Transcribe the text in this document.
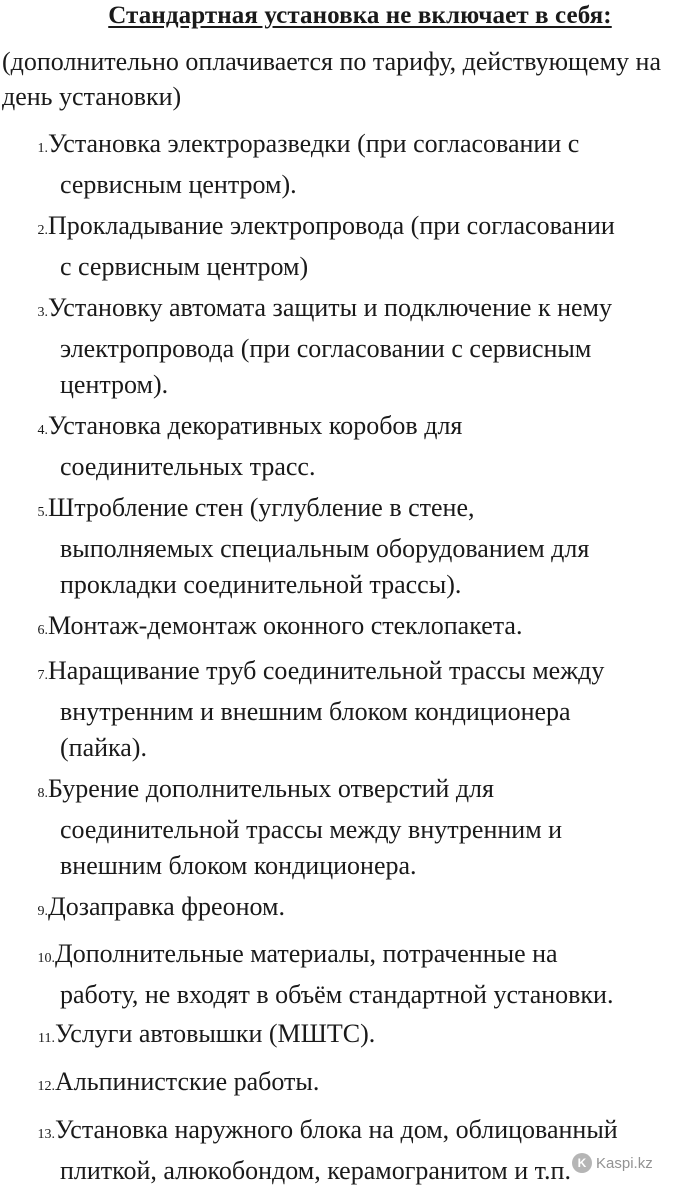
Стандартная установка не включает в себя:
(дополнительно оплачивается по тарифу, действующему на день установки)
1.Установка электроразведки (при согласовании с
сервисным центром).
2.Прокладывание электропровода (при согласовании
с сервисным центром)
3.Установку автомата защиты и подключение к нему
электропровода (при согласовании с сервисным
центром).
4.Установка декоративных коробов для
соединительных трасс.
5.Штробление стен (углубление в стене,
выполняемых специальным оборудованием для
прокладки соединительной трассы).
6.Монтаж-демонтаж оконного стеклопакета.
7.Наращивание труб соединительной трассы между
внутренним и внешним блоком кондиционера
(пайка).
8.Бурение дополнительных отверстий для
соединительной трассы между внутренним и
внешним блоком кондиционера.
9.Дозаправка фреоном.
10.Дополнительные материалы, потраченные на
работу, не входят в объём стандартной установки.
11.Услуги автовышки (МШТС).
12.Альпинистские работы.
13.Установка наружного блока на дом, облицованный
плиткой, алюкобондом, керамогранитом и т.п. K Kaspi.kz
